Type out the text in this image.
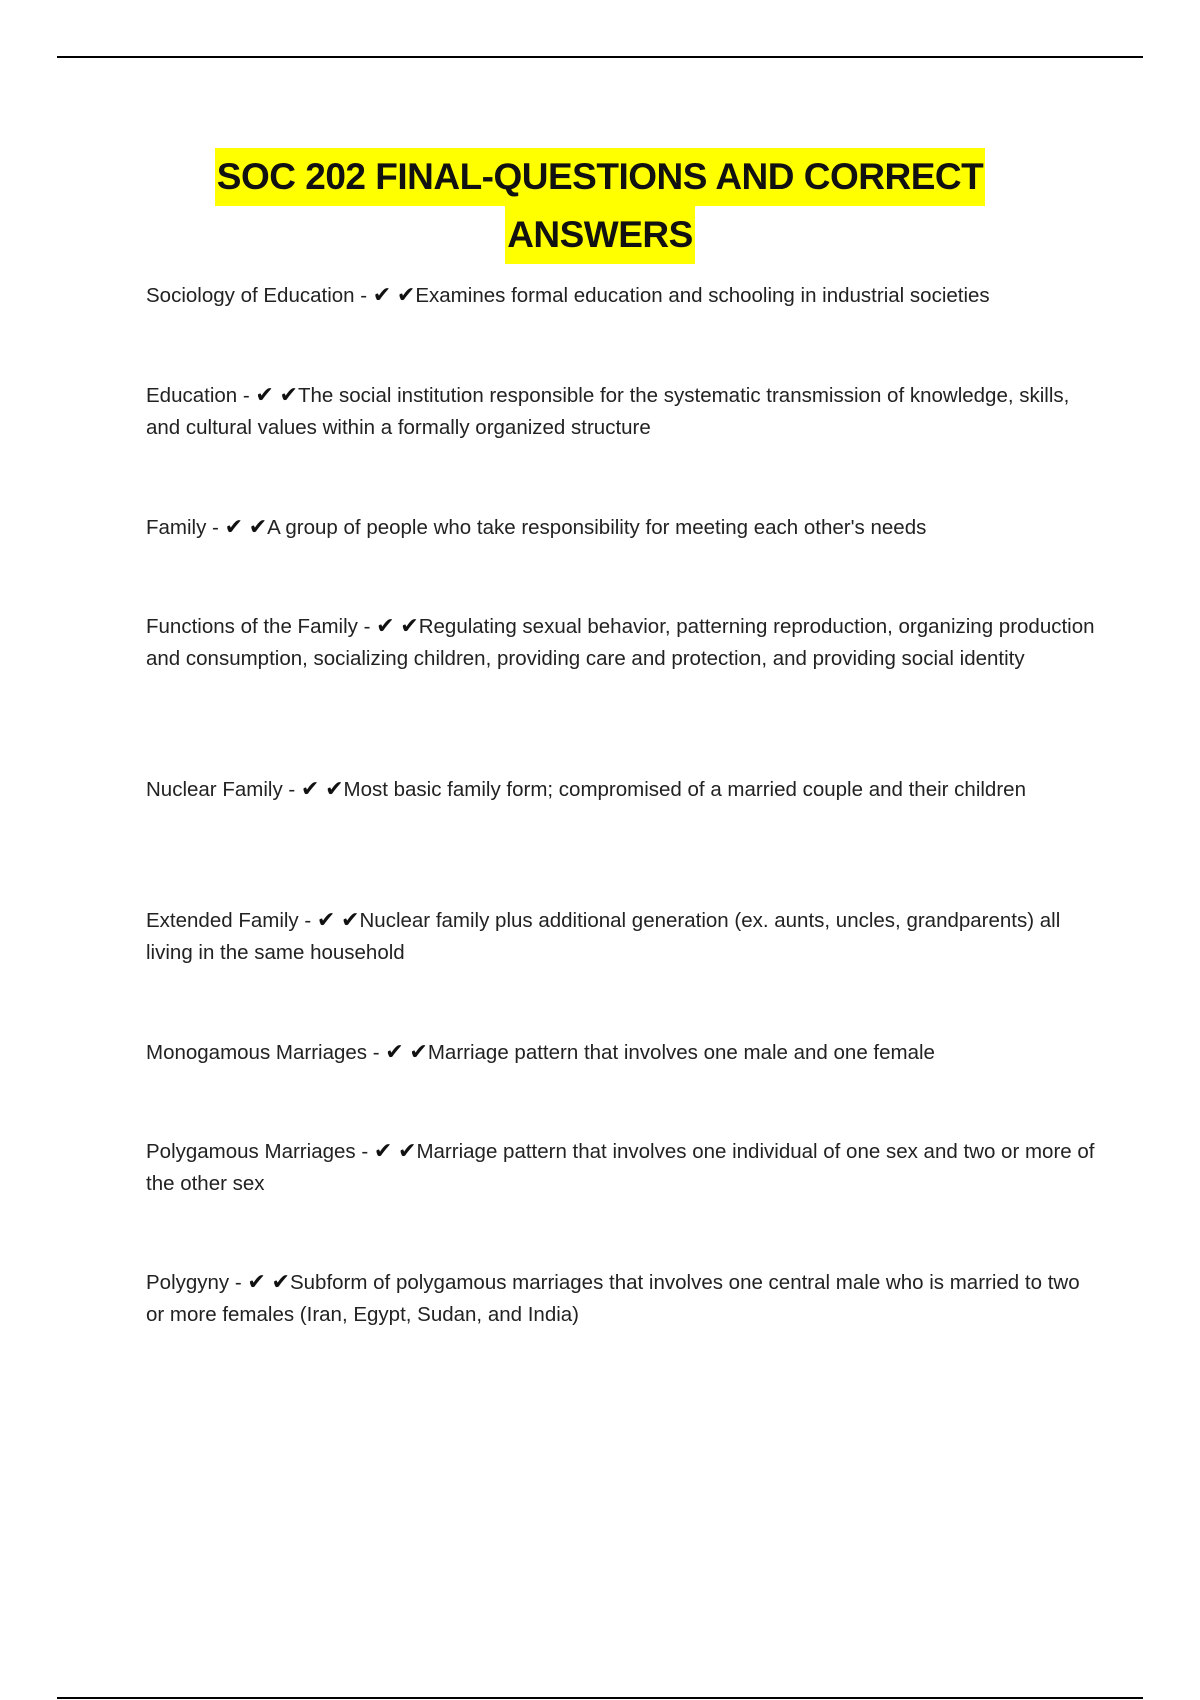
SOC 202 FINAL-QUESTIONS AND CORRECT
ANSWERS
Sociology of Education - ✔ ✔Examines formal education and schooling in industrial societies
Education - ✔ ✔The social institution responsible for the systematic transmission of knowledge, skills, and cultural values within a formally organized structure
Family - ✔ ✔A group of people who take responsibility for meeting each other's needs
Functions of the Family - ✔ ✔Regulating sexual behavior, patterning reproduction, organizing production and consumption, socializing children, providing care and protection, and providing social identity
Nuclear Family - ✔ ✔Most basic family form; compromised of a married couple and their children
Extended Family - ✔ ✔Nuclear family plus additional generation (ex. aunts, uncles, grandparents) all living in the same household
Monogamous Marriages - ✔ ✔Marriage pattern that involves one male and one female
Polygamous Marriages - ✔ ✔Marriage pattern that involves one individual of one sex and two or more of the other sex
Polygyny - ✔ ✔Subform of polygamous marriages that involves one central male who is married to two or more females (Iran, Egypt, Sudan, and India)
